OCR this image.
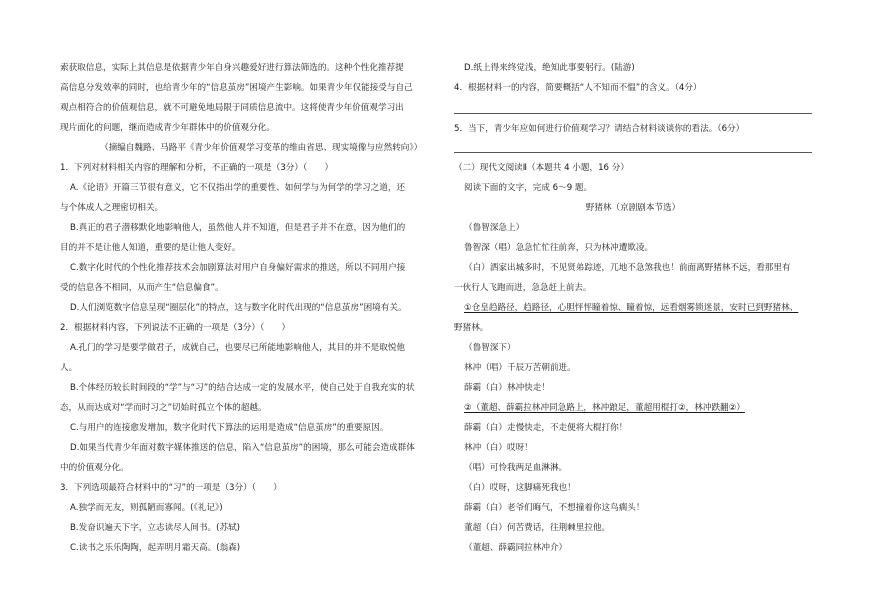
索获取信息，实际上其信息是依据青少年自身兴趣爱好进行算法筛选的。这种个性化推荐提
高信息分发效率的同时，也给青少年的“信息茧房”困境产生影响。如果青少年仅能接受与自己
观点相符合的价值观信息，就不可避免地局限于同质信息流中。这将使青少年价值观学习出
现片面化的问题，继而造成青少年群体中的价值观分化。
（摘编自魏路、马路平《青少年价值观学习变革的维由省思、现实境像与应然转向》）
1．下列对材料相关内容的理解和分析，不正确的一项是（3分）（　　）
A.《论语》开篇三节很有意义，它不仅指出学的重要性、如何学与为何学的学习之道，还
与个体成人之理密切相关。
B.真正的君子潜移默化地影响他人，虽然他人并不知道，但是君子并不在意，因为他们的
目的并不是让他人知道，重要的是让他人变好。
C.数字化时代的个性化推荐技术会加剧算法对用户自身偏好需求的推送，所以不同用户接
受的信息各不相同，从而产生“信息偏食”。
D.人们浏览数字信息呈现“圈层化”的特点，这与数字化时代出现的“信息茧房”困境有关。
2．根据材料内容，下列说法不正确的一项是（3分）（　　）
A.孔门的学习是要学做君子，成就自己，也要尽已所能地影响他人，其目的并不是取悦他
人。
B.个体经历较长时间段的“学”与“习”的结合达成一定的发展水平，使自己处于自我充实的状
态，从而达成对“学而时习之”切始时孤立个体的超越。
C.与用户的连接愈发增加，数字化时代下算法的运用是造成“信息茧房”的重要原因。
D.如果当代青少年面对数字媒体推送的信息，陷入“信息茧房”的困境，那么可能会造成群体
中的价值观分化。
3．下列选项最符合材料中的“习”的一项是（3分）（　　）
A.独学而无友，则孤陋而寡闻。(《礼记》)
B.发奋识遍天下字，立志读尽人间书。(苏轼)
C.读书之乐乐陶陶，起弄明月霜天高。(翁森)
D.纸上得来终觉浅，绝知此事要躬行。(陆游)
4．根据材料一的内容，简要概括“人不知而不愠”的含义。（4分）
5．当下，青少年应如何进行价值观学习？请结合材料谈谈你的看法。（6分）
（二）现代文阅读Ⅱ（本题共 4 小题，16 分）
阅读下面的文字，完成 6～9 题。
野猪林（京剧剧本节选）
（鲁智深急上）
鲁智深（唱）急急忙忙往前奔，只为林冲遭欺凌。
（白）洒家出城多时，不见贤弟踪迹，兀地不急煞我也！前面离野猪林不远，看那里有
一伙行人飞跑而进，急急赶上前去。
①仓皇趋路径，趋路径，心胆怦怦瞳着惊、瞳着惊，远看烟雾锁迷景，安时已到野猪林、
野猪林。
（鲁智深下）
林冲（唱）千辰万苦朝前进。
薛霸（白）林冲快走！
②（董超、薛霸拉林冲同急路上，林冲踉足，董超用棍打②，林冲跌翻②）
薛霸（白）走慢快走，不走便将大棍打你！
林冲（白）哎呀！
（唱）可怜我两足血淋淋。
（白）哎呀，这脚痛死我也！
薛霸（白）老爷们晦气，不想撞着你这鸟瘸头！
董超（白）何苦费话，往荆棘里拉他。
（董超、薛霸同拉林冲介）
